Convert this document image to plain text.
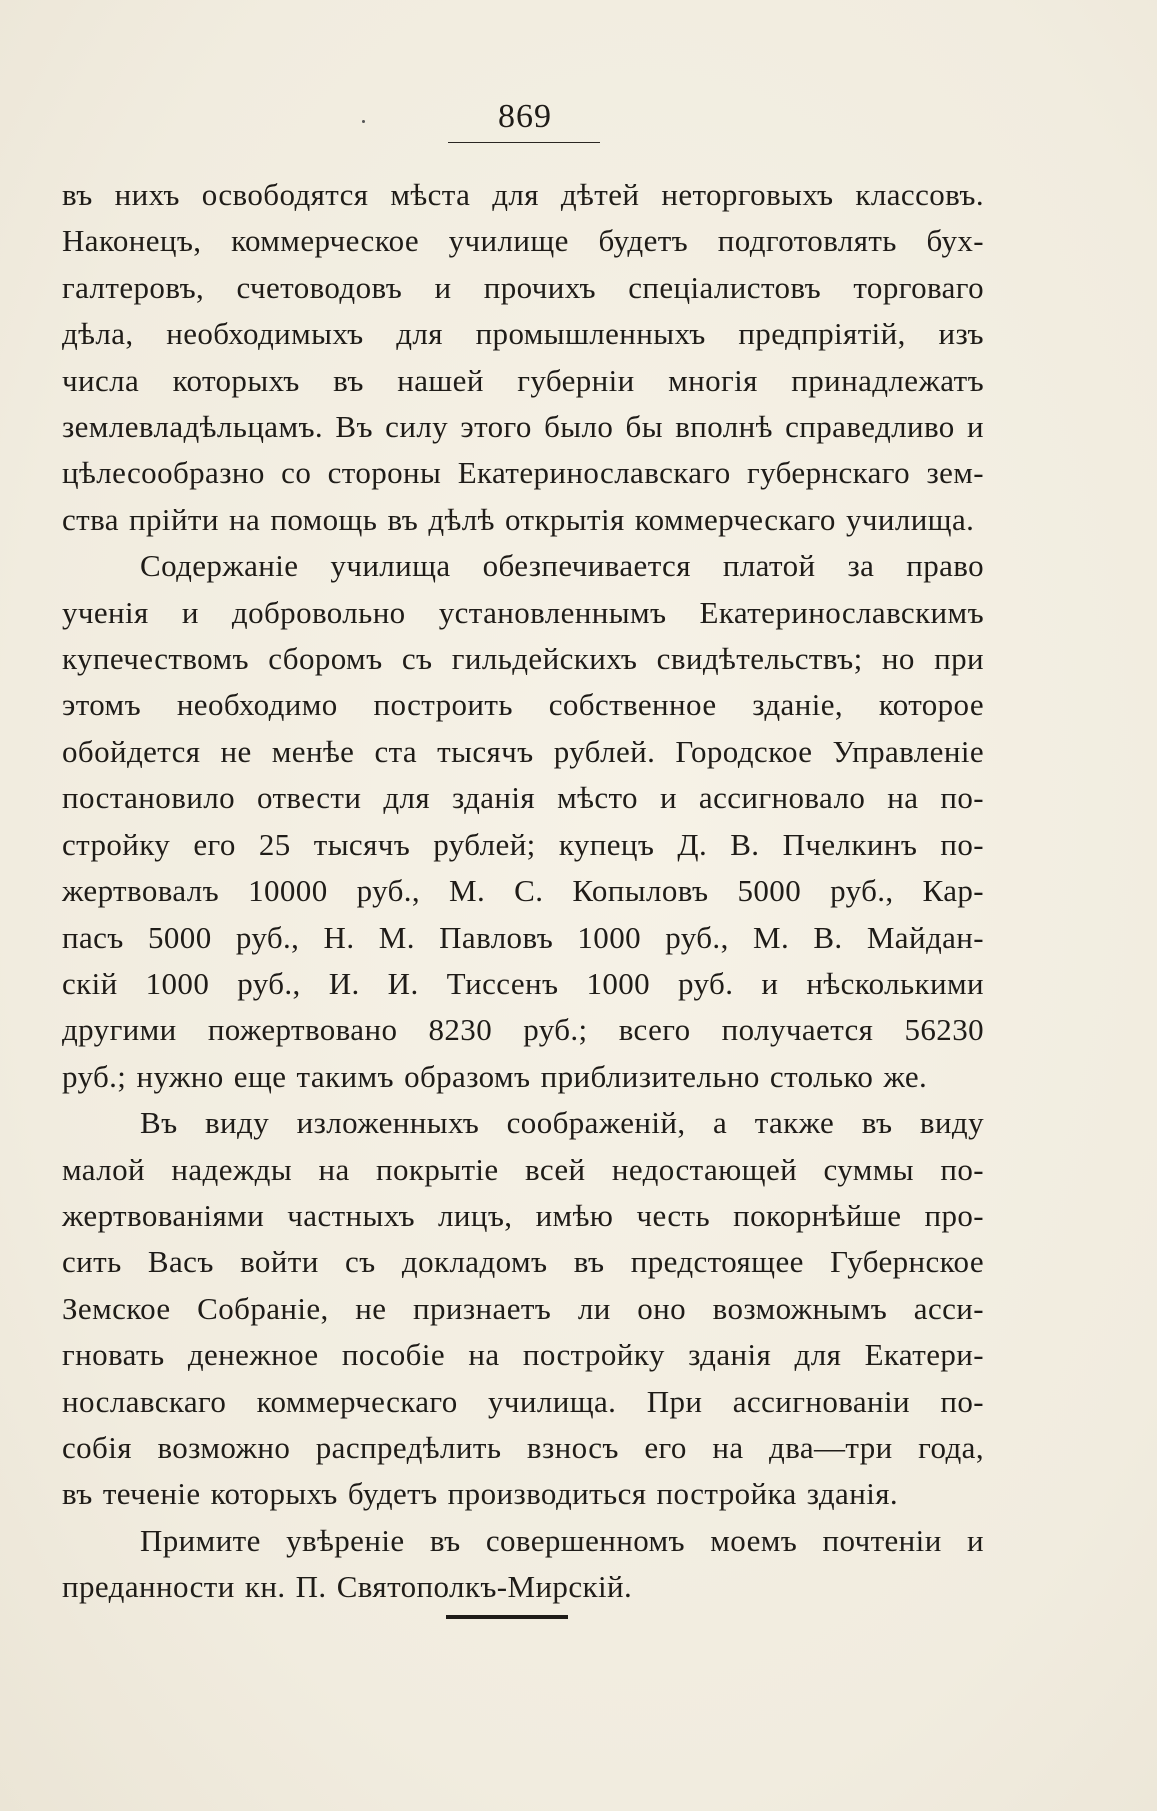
869
въ нихъ освободятся мѣста для дѣтей неторговыхъ классовъ.
Наконецъ, коммерческое училище будетъ подготовлять бух-
галтеровъ, счетоводовъ и прочихъ спеціалистовъ торговаго
дѣла, необходимыхъ для промышленныхъ предпріятій, изъ
числа которыхъ въ нашей губерніи многія принадлежатъ
землевладѣльцамъ. Въ силу этого было бы вполнѣ справедливо и
цѣлесообразно со стороны Екатеринославскаго губернскаго зем-
ства прійти на помощь въ дѣлѣ открытія коммерческаго училища.
Содержаніе училища обезпечивается платой за право
ученія и добровольно установленнымъ Екатеринославскимъ
купечествомъ сборомъ съ гильдейскихъ свидѣтельствъ; но при
этомъ необходимо построить собственное зданіе, которое
обойдется не менѣе ста тысячъ рублей. Городское Управленіе
постановило отвести для зданія мѣсто и ассигновало на по-
стройку его 25 тысячъ рублей; купецъ Д. В. Пчелкинъ по-
жертвовалъ 10000 руб., М. С. Копыловъ 5000 руб., Кар-
пасъ 5000 руб., Н. М. Павловъ 1000 руб., М. В. Майдан-
скій 1000 руб., И. И. Тиссенъ 1000 руб. и нѣсколькими
другими пожертвовано 8230 руб.; всего получается 56230
руб.; нужно еще такимъ образомъ приблизительно столько же.
Въ виду изложенныхъ соображеній, а также въ виду
малой надежды на покрытіе всей недостающей суммы по-
жертвованіями частныхъ лицъ, имѣю честь покорнѣйше про-
сить Васъ войти съ докладомъ въ предстоящее Губернское
Земское Собраніе, не признаетъ ли оно возможнымъ асси-
гновать денежное пособіе на постройку зданія для Екатери-
нославскаго коммерческаго училища. При ассигнованіи по-
собія возможно распредѣлить взносъ его на два—три года,
въ теченіе которыхъ будетъ производиться постройка зданія.
Примите увѣреніе въ совершенномъ моемъ почтеніи и
преданности кн. П. Святополкъ-Мирскій.
